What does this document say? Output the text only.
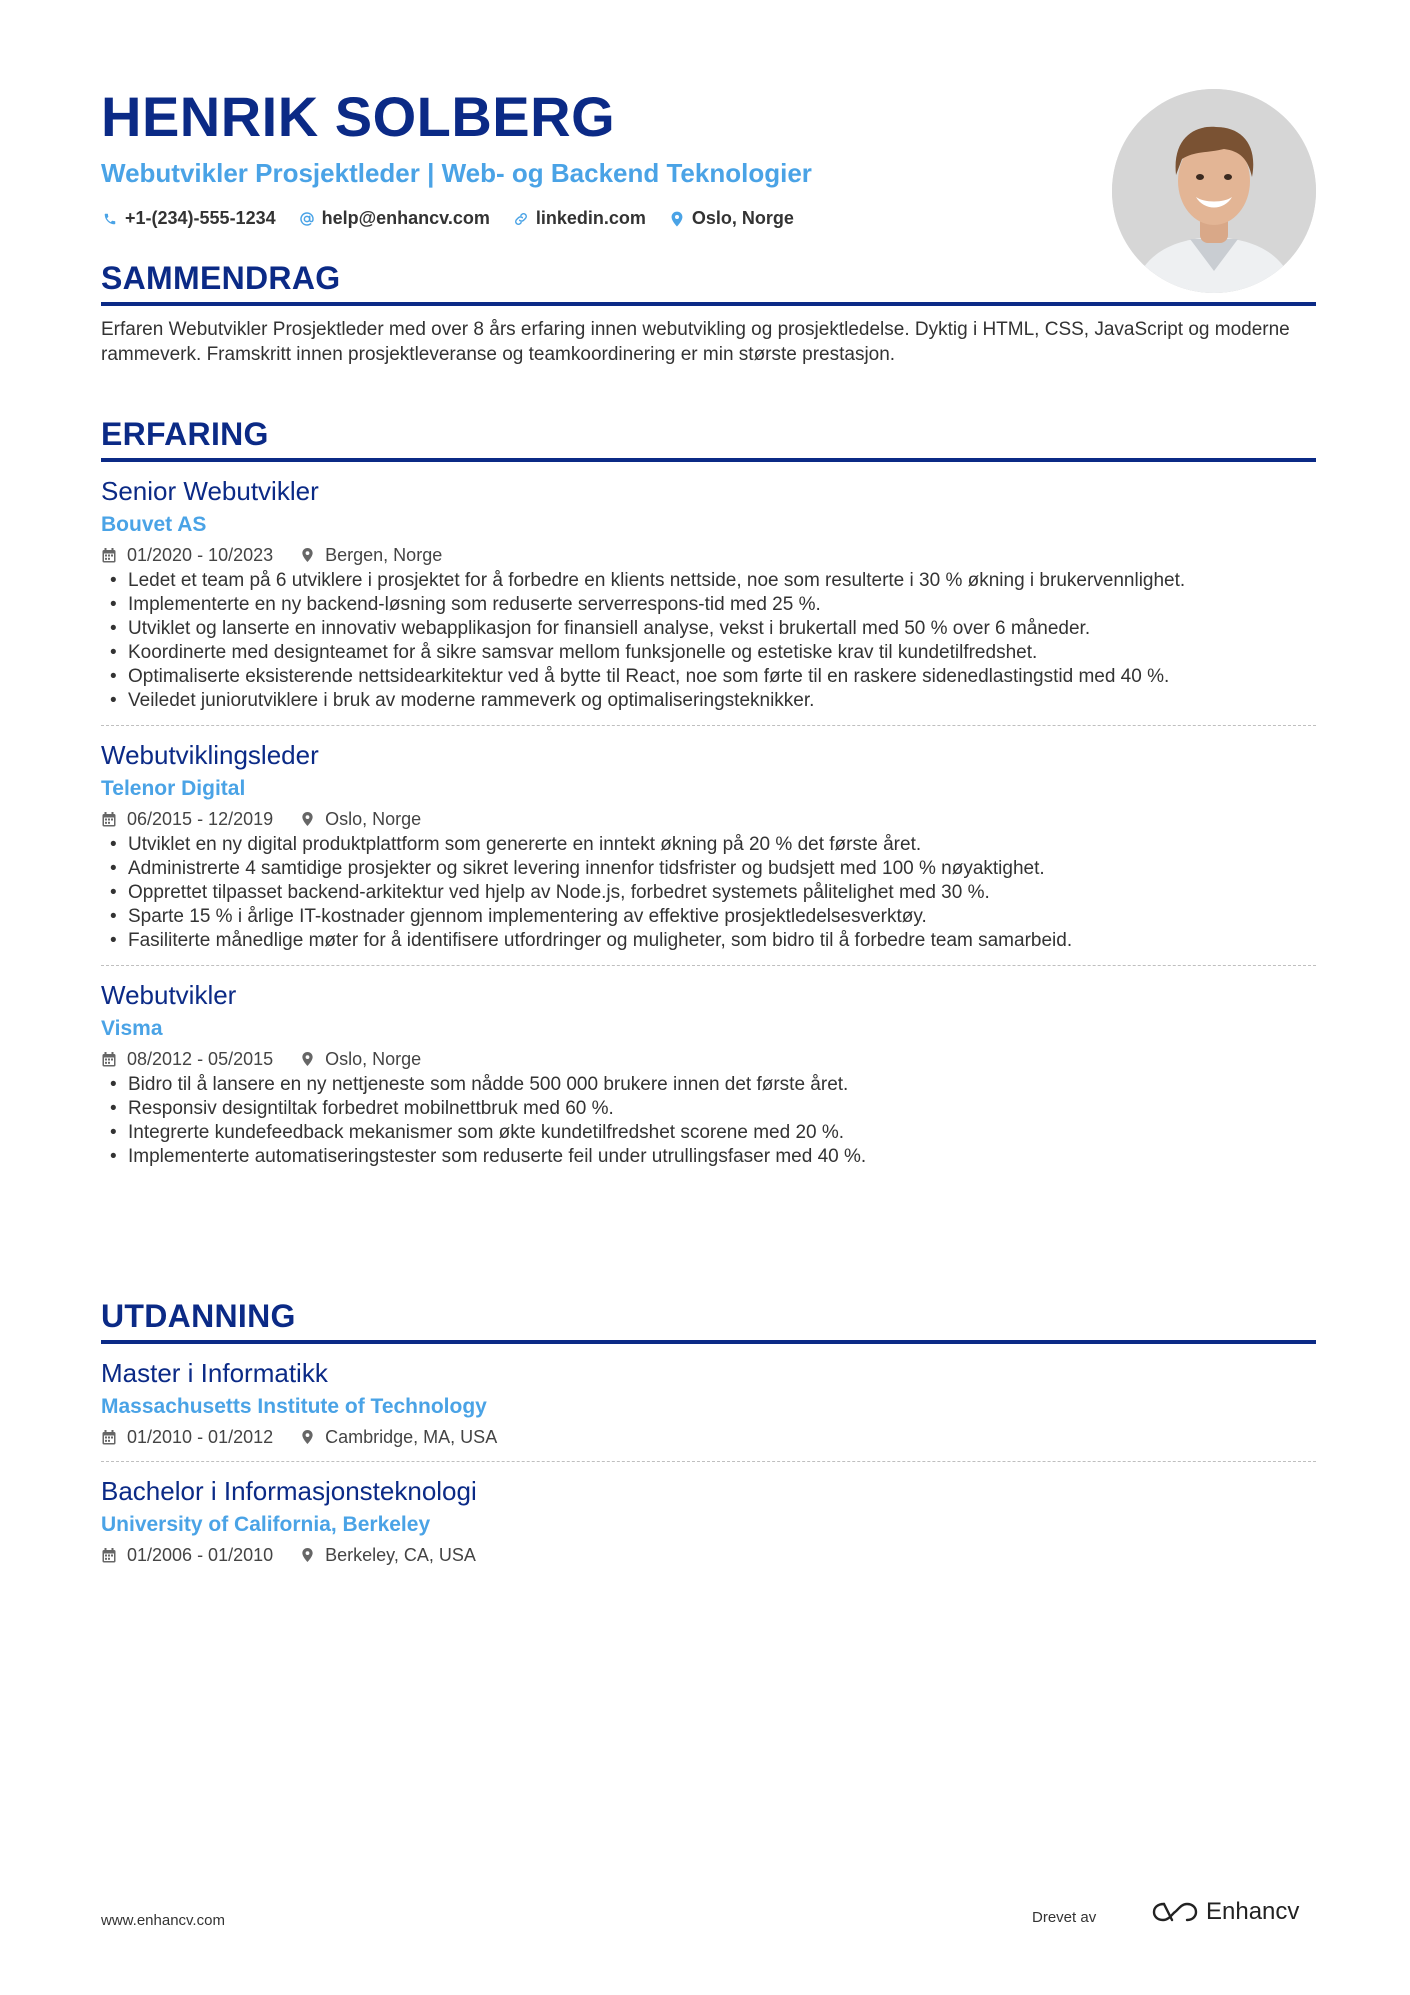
HENRIK SOLBERG
Webutvikler Prosjektleder | Web- og Backend Teknologier
+1-(234)-555-1234	help@enhancv.com	linkedin.com	Oslo, Norge
SAMMENDRAG
Erfaren Webutvikler Prosjektleder med over 8 års erfaring innen webutvikling og prosjektledelse. Dyktig i HTML, CSS, JavaScript og moderne rammeverk. Framskritt innen prosjektleveranse og teamkoordinering er min største prestasjon.
ERFARING
Senior Webutvikler
Bouvet AS
01/2020 - 10/2023	Bergen, Norge
• Ledet et team på 6 utviklere i prosjektet for å forbedre en klients nettside, noe som resulterte i 30 % økning i brukervennlighet.
• Implementerte en ny backend-løsning som reduserte serverrespons-tid med 25 %.
• Utviklet og lanserte en innovativ webapplikasjon for finansiell analyse, vekst i brukertall med 50 % over 6 måneder.
• Koordinerte med designteamet for å sikre samsvar mellom funksjonelle og estetiske krav til kundetilfredshet.
• Optimaliserte eksisterende nettsidearkitektur ved å bytte til React, noe som førte til en raskere sidenedlastingstid med 40 %.
• Veiledet juniorutviklere i bruk av moderne rammeverk og optimaliseringsteknikker.
Webutviklingsleder
Telenor Digital
06/2015 - 12/2019	Oslo, Norge
• Utviklet en ny digital produktplattform som genererte en inntekt økning på 20 % det første året.
• Administrerte 4 samtidige prosjekter og sikret levering innenfor tidsfrister og budsjett med 100 % nøyaktighet.
• Opprettet tilpasset backend-arkitektur ved hjelp av Node.js, forbedret systemets pålitelighet med 30 %.
• Sparte 15 % i årlige IT-kostnader gjennom implementering av effektive prosjektledelsesverktøy.
• Fasiliterte månedlige møter for å identifisere utfordringer og muligheter, som bidro til å forbedre team samarbeid.
Webutvikler
Visma
08/2012 - 05/2015	Oslo, Norge
• Bidro til å lansere en ny nettjeneste som nådde 500 000 brukere innen det første året.
• Responsiv designtiltak forbedret mobilnettbruk med 60 %.
• Integrerte kundefeedback mekanismer som økte kundetilfredshet scorene med 20 %.
• Implementerte automatiseringstester som reduserte feil under utrullingsfaser med 40 %.
UTDANNING
Master i Informatikk
Massachusetts Institute of Technology
01/2010 - 01/2012	Cambridge, MA, USA
Bachelor i Informasjonsteknologi
University of California, Berkeley
01/2006 - 01/2010	Berkeley, CA, USA
www.enhancv.com	Drevet av	Enhancv
